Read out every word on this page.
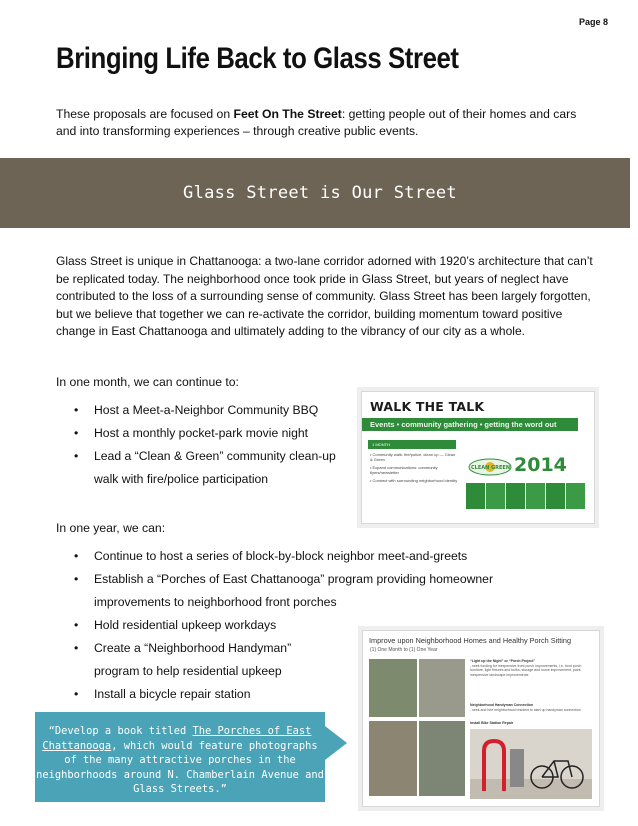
Page 8
Bringing Life Back to Glass Street

These proposals are focused on Feet On The Street: getting people out of their homes and cars and into transforming experiences – through creative public events.

Glass Street is Our Street

Glass Street is unique in Chattanooga: a two-lane corridor adorned with 1920’s architecture that can’t be replicated today. The neighborhood once took pride in Glass Street, but years of neglect have contributed to the loss of a surrounding sense of community. Glass Street has been largely forgotten, but we believe that together we can re-activate the corridor, building momentum toward positive change in East Chattanooga and ultimately adding to the vibrancy of our city as a whole.

In one month, we can continue to:

• Host a Meet-a-Neighbor Community BBQ
• Host a monthly pocket-park movie night
• Lead a “Clean & Green” community clean-up
walk with fire/police participation

In one year, we can:

• Continue to host a series of block-by-block neighbor meet-and-greets
• Establish a “Porches of East Chattanooga” program providing homeowner
improvements to neighborhood front porches
• Hold residential upkeep workdays
• Create a “Neighborhood Handyman”
program to help residential upkeep
• Install a bicycle repair station
WALK THE TALK
Events • community gathering • getting the word out
1 MONTH
• Community walk: fire/police, clean up — Clean & Green
• Expand communications: community flyers/newsletter
• Connect with surrounding neighborhood identity
CLEAN GREEN 2014
Improve upon Neighborhood Homes and Healthy Porch Sitting
(1) One Month to (1) One Year
“Light up the Night” or “Porch Project”
- seek funding for inexpensive front porch improvements, i.e. front porch furniture, light fixtures and bulbs, storage and home improvement, paint, inexpensive landscape improvements
Neighborhood Handyman Connection
- seek and hire neighborhood resident to start up handyman connection
Install Bike Station Repair
“Develop a book titled The Porches of East Chattanooga, which would feature photographs of the many attractive porches in the neighborhoods around N. Chamberlain Avenue and Glass Streets.”
